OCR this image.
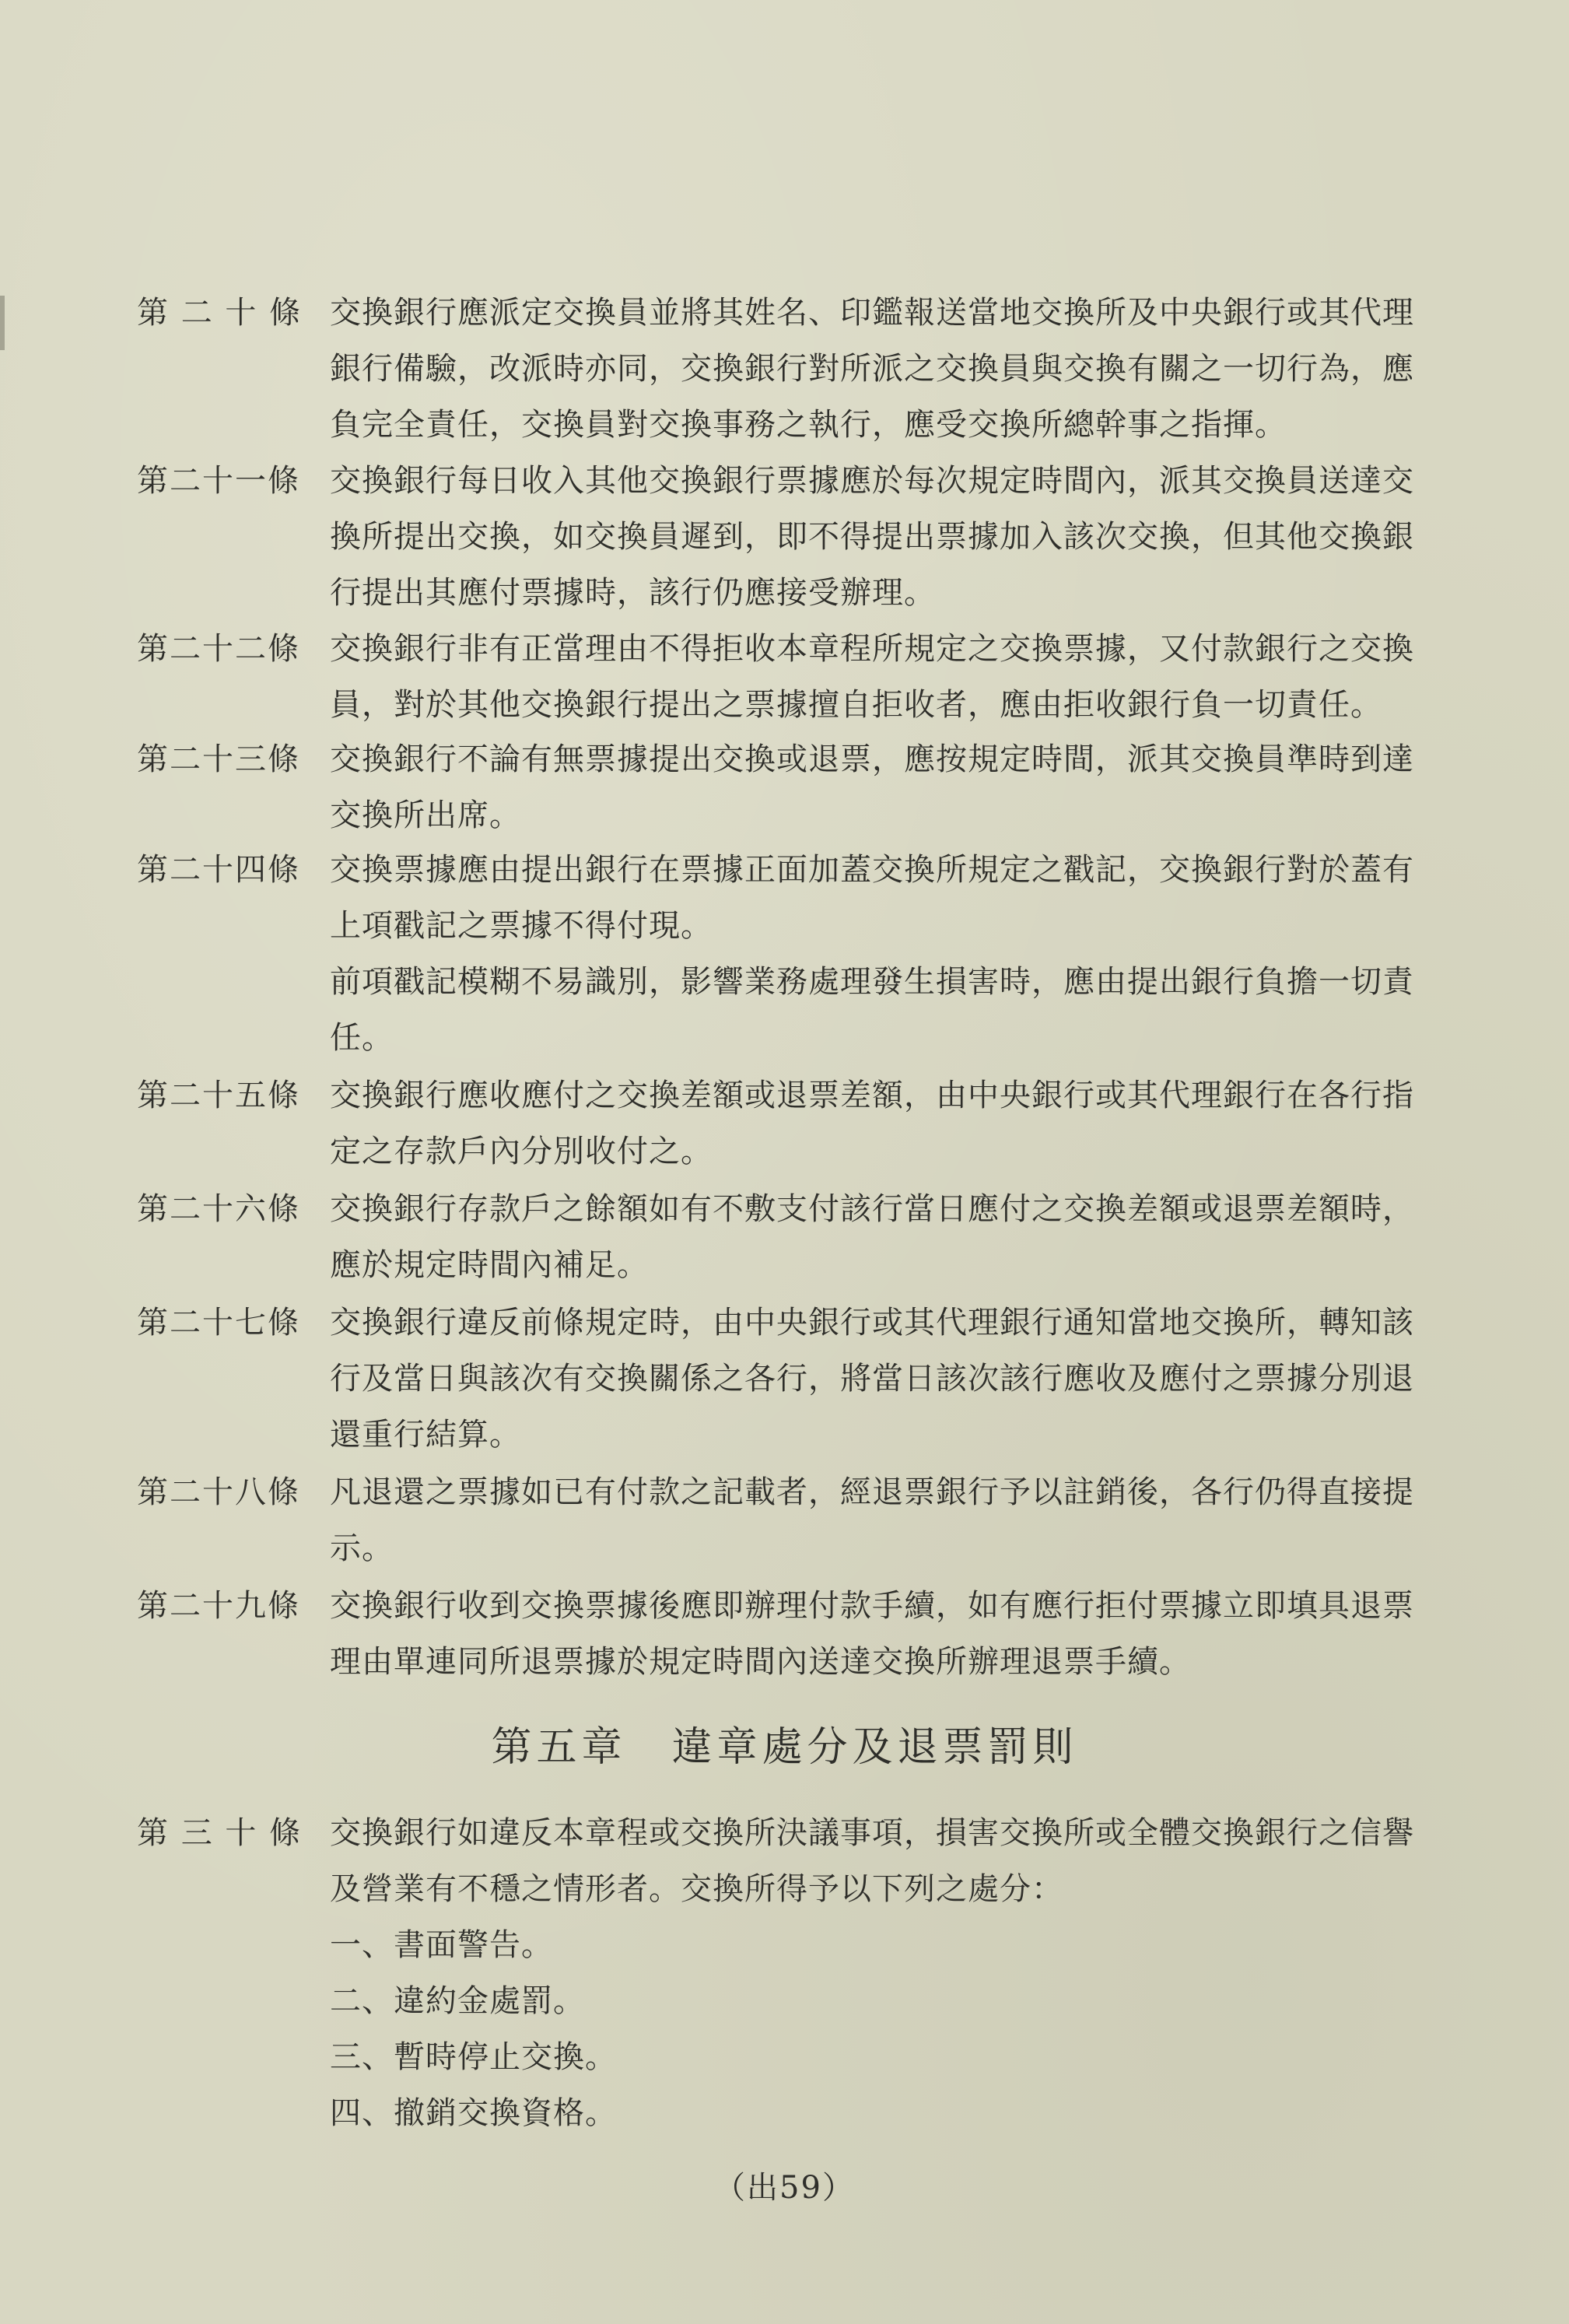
第 二 十 條 交換銀行應派定交換員並將其姓名、印鑑報送當地交換所及中央銀行或其代理
銀行備驗，改派時亦同，交換銀行對所派之交換員與交換有關之一切行為，應
負完全責任，交換員對交換事務之執行，應受交換所總幹事之指揮。
第二十一條 交換銀行每日收入其他交換銀行票據應於每次規定時間內，派其交換員送達交
換所提出交換，如交換員遲到，即不得提出票據加入該次交換，但其他交換銀
行提出其應付票據時，該行仍應接受辦理。
第二十二條 交換銀行非有正當理由不得拒收本章程所規定之交換票據，又付款銀行之交換
員，對於其他交換銀行提出之票據擅自拒收者，應由拒收銀行負一切責任。
第二十三條 交換銀行不論有無票據提出交換或退票，應按規定時間，派其交換員準時到達
交換所出席。
第二十四條 交換票據應由提出銀行在票據正面加蓋交換所規定之戳記，交換銀行對於蓋有
上項戳記之票據不得付現。
前項戳記模糊不易識別，影響業務處理發生損害時，應由提出銀行負擔一切責
任。
第二十五條 交換銀行應收應付之交換差額或退票差額，由中央銀行或其代理銀行在各行指
定之存款戶內分別收付之。
第二十六條 交換銀行存款戶之餘額如有不敷支付該行當日應付之交換差額或退票差額時，
應於規定時間內補足。
第二十七條 交換銀行違反前條規定時，由中央銀行或其代理銀行通知當地交換所，轉知該
行及當日與該次有交換關係之各行，將當日該次該行應收及應付之票據分別退
還重行結算。
第二十八條 凡退還之票據如已有付款之記載者，經退票銀行予以註銷後，各行仍得直接提
示。
第二十九條 交換銀行收到交換票據後應即辦理付款手續，如有應行拒付票據立即填具退票
理由單連同所退票據於規定時間內送達交換所辦理退票手續。
第五章　違章處分及退票罰則
第 三 十 條 交換銀行如違反本章程或交換所決議事項，損害交換所或全體交換銀行之信譽
及營業有不穩之情形者。交換所得予以下列之處分：
一、書面警告。
二、違約金處罰。
三、暫時停止交換。
四、撤銷交換資格。
（出59）
